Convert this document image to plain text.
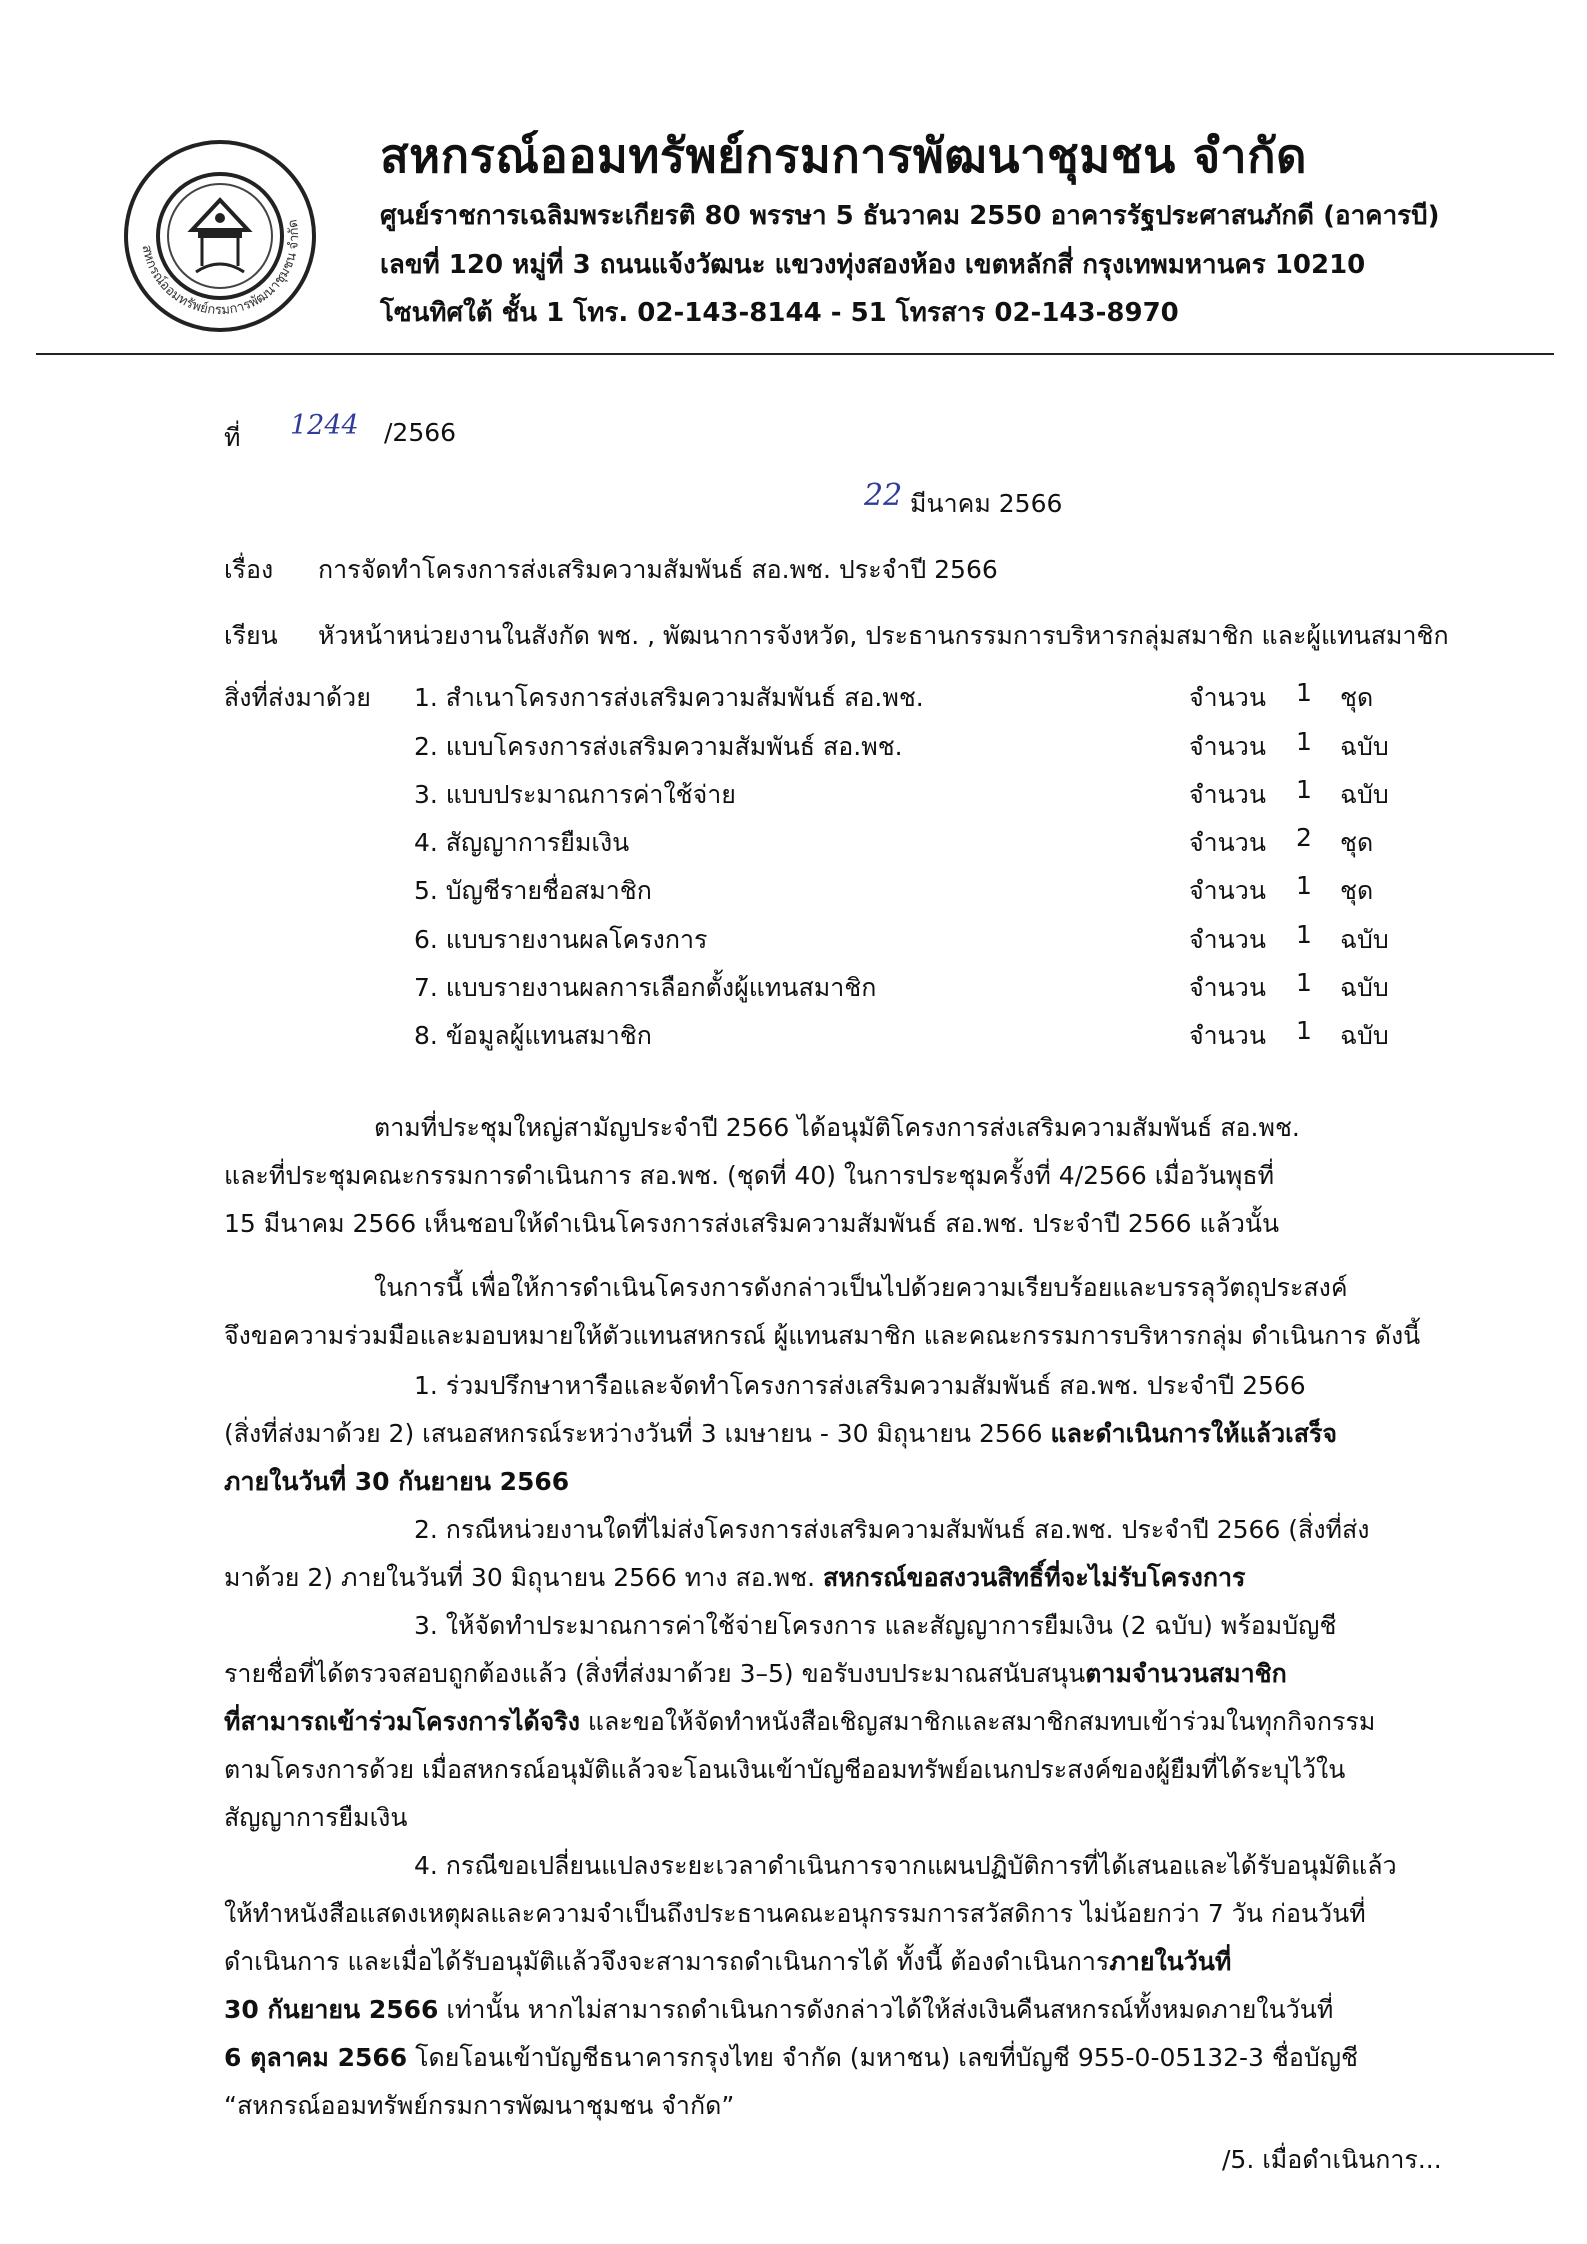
สหกรณ์ออมทรัพย์กรมการพัฒนาชุมชน จำกัด
สหกรณ์ออมทรัพย์กรมการพัฒนาชุมชน จำกัด
ศูนย์ราชการเฉลิมพระเกียรติ 80 พรรษา 5 ธันวาคม 2550 อาคารรัฐประศาสนภักดี (อาคารบี)
เลขที่ 120 หมู่ที่ 3 ถนนแจ้งวัฒนะ แขวงทุ่งสองห้อง เขตหลักสี่ กรุงเทพมหานคร 10210
โซนทิศใต้ ชั้น 1 โทร. 02-143-8144 - 51 โทรสาร 02-143-8970
ที่ 1244 /2566
22 มีนาคม 2566
เรื่อง การจัดทำโครงการส่งเสริมความสัมพันธ์ สอ.พช. ประจำปี 2566
เรียน หัวหน้าหน่วยงานในสังกัด พช. , พัฒนาการจังหวัด, ประธานกรรมการบริหารกลุ่มสมาชิก และผู้แทนสมาชิก
สิ่งที่ส่งมาด้วย 1. สำเนาโครงการส่งเสริมความสัมพันธ์ สอ.พช.	จำนวน 1 ชุด
2. แบบโครงการส่งเสริมความสัมพันธ์ สอ.พช.	จำนวน 1 ฉบับ
3. แบบประมาณการค่าใช้จ่าย	จำนวน 1 ฉบับ
4. สัญญาการยืมเงิน	จำนวน 2 ชุด
5. บัญชีรายชื่อสมาชิก	จำนวน 1 ชุด
6. แบบรายงานผลโครงการ	จำนวน 1 ฉบับ
7. แบบรายงานผลการเลือกตั้งผู้แทนสมาชิก	จำนวน 1 ฉบับ
8. ข้อมูลผู้แทนสมาชิก	จำนวน 1 ฉบับ
ตามที่ประชุมใหญ่สามัญประจำปี 2566 ได้อนุมัติโครงการส่งเสริมความสัมพันธ์ สอ.พช.
และที่ประชุมคณะกรรมการดำเนินการ สอ.พช. (ชุดที่ 40) ในการประชุมครั้งที่ 4/2566 เมื่อวันพุธที่
15 มีนาคม 2566 เห็นชอบให้ดำเนินโครงการส่งเสริมความสัมพันธ์ สอ.พช. ประจำปี 2566 แล้วนั้น
ในการนี้ เพื่อให้การดำเนินโครงการดังกล่าวเป็นไปด้วยความเรียบร้อยและบรรลุวัตถุประสงค์
จึงขอความร่วมมือและมอบหมายให้ตัวแทนสหกรณ์ ผู้แทนสมาชิก และคณะกรรมการบริหารกลุ่ม ดำเนินการ ดังนี้
1. ร่วมปรึกษาหารือและจัดทำโครงการส่งเสริมความสัมพันธ์ สอ.พช. ประจำปี 2566
(สิ่งที่ส่งมาด้วย 2) เสนอสหกรณ์ระหว่างวันที่ 3 เมษายน - 30 มิถุนายน 2566 และดำเนินการให้แล้วเสร็จ
ภายในวันที่ 30 กันยายน 2566
2. กรณีหน่วยงานใดที่ไม่ส่งโครงการส่งเสริมความสัมพันธ์ สอ.พช. ประจำปี 2566 (สิ่งที่ส่ง
มาด้วย 2) ภายในวันที่ 30 มิถุนายน 2566 ทาง สอ.พช. สหกรณ์ขอสงวนสิทธิ์ที่จะไม่รับโครงการ
3. ให้จัดทำประมาณการค่าใช้จ่ายโครงการ และสัญญาการยืมเงิน (2 ฉบับ) พร้อมบัญชี
รายชื่อที่ได้ตรวจสอบถูกต้องแล้ว (สิ่งที่ส่งมาด้วย 3–5) ขอรับงบประมาณสนับสนุนตามจำนวนสมาชิก
ที่สามารถเข้าร่วมโครงการได้จริง และขอให้จัดทำหนังสือเชิญสมาชิกและสมาชิกสมทบเข้าร่วมในทุกกิจกรรม
ตามโครงการด้วย เมื่อสหกรณ์อนุมัติแล้วจะโอนเงินเข้าบัญชีออมทรัพย์อเนกประสงค์ของผู้ยืมที่ได้ระบุไว้ใน
สัญญาการยืมเงิน
4. กรณีขอเปลี่ยนแปลงระยะเวลาดำเนินการจากแผนปฏิบัติการที่ได้เสนอและได้รับอนุมัติแล้ว
ให้ทำหนังสือแสดงเหตุผลและความจำเป็นถึงประธานคณะอนุกรรมการสวัสดิการ ไม่น้อยกว่า 7 วัน ก่อนวันที่
ดำเนินการ และเมื่อได้รับอนุมัติแล้วจึงจะสามารถดำเนินการได้ ทั้งนี้ ต้องดำเนินการภายในวันที่
30 กันยายน 2566 เท่านั้น หากไม่สามารถดำเนินการดังกล่าวได้ให้ส่งเงินคืนสหกรณ์ทั้งหมดภายในวันที่
6 ตุลาคม 2566 โดยโอนเข้าบัญชีธนาคารกรุงไทย จำกัด (มหาชน) เลขที่บัญชี 955-0-05132-3 ชื่อบัญชี
“สหกรณ์ออมทรัพย์กรมการพัฒนาชุมชน จำกัด”
/5. เมื่อดำเนินการ...
